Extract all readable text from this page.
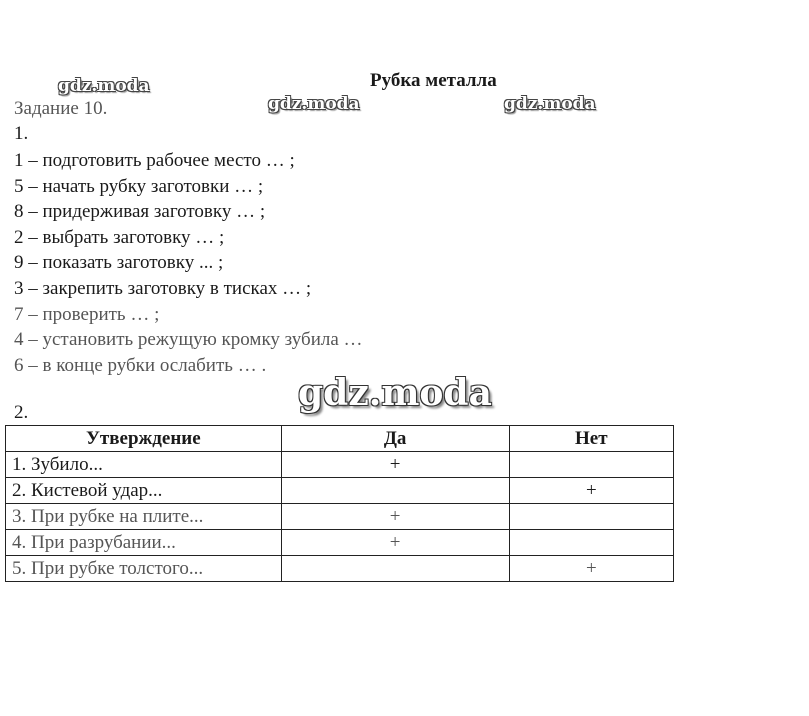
Рубка металла
Задание 10.
1.
1 – подготовить рабочее место … ;
5 – начать рубку заготовки … ;
8 – придерживая заготовку … ;
2 – выбрать заготовку … ;
9 – показать заготовку ... ;
3 – закрепить заготовку в тисках … ;
7 – проверить … ;
4 – установить режущую кромку зубила …
6 – в конце рубки ослабить … .
2.
Утверждение	Да	Нет
1. Зубило...	+	
2. Кистевой удар...		+
3. При рубке на плите...	+	
4. При разрубании...	+	
5. При рубке толстого...		+
gdz.moda
gdz.moda	gdz.moda
gdz.moda
